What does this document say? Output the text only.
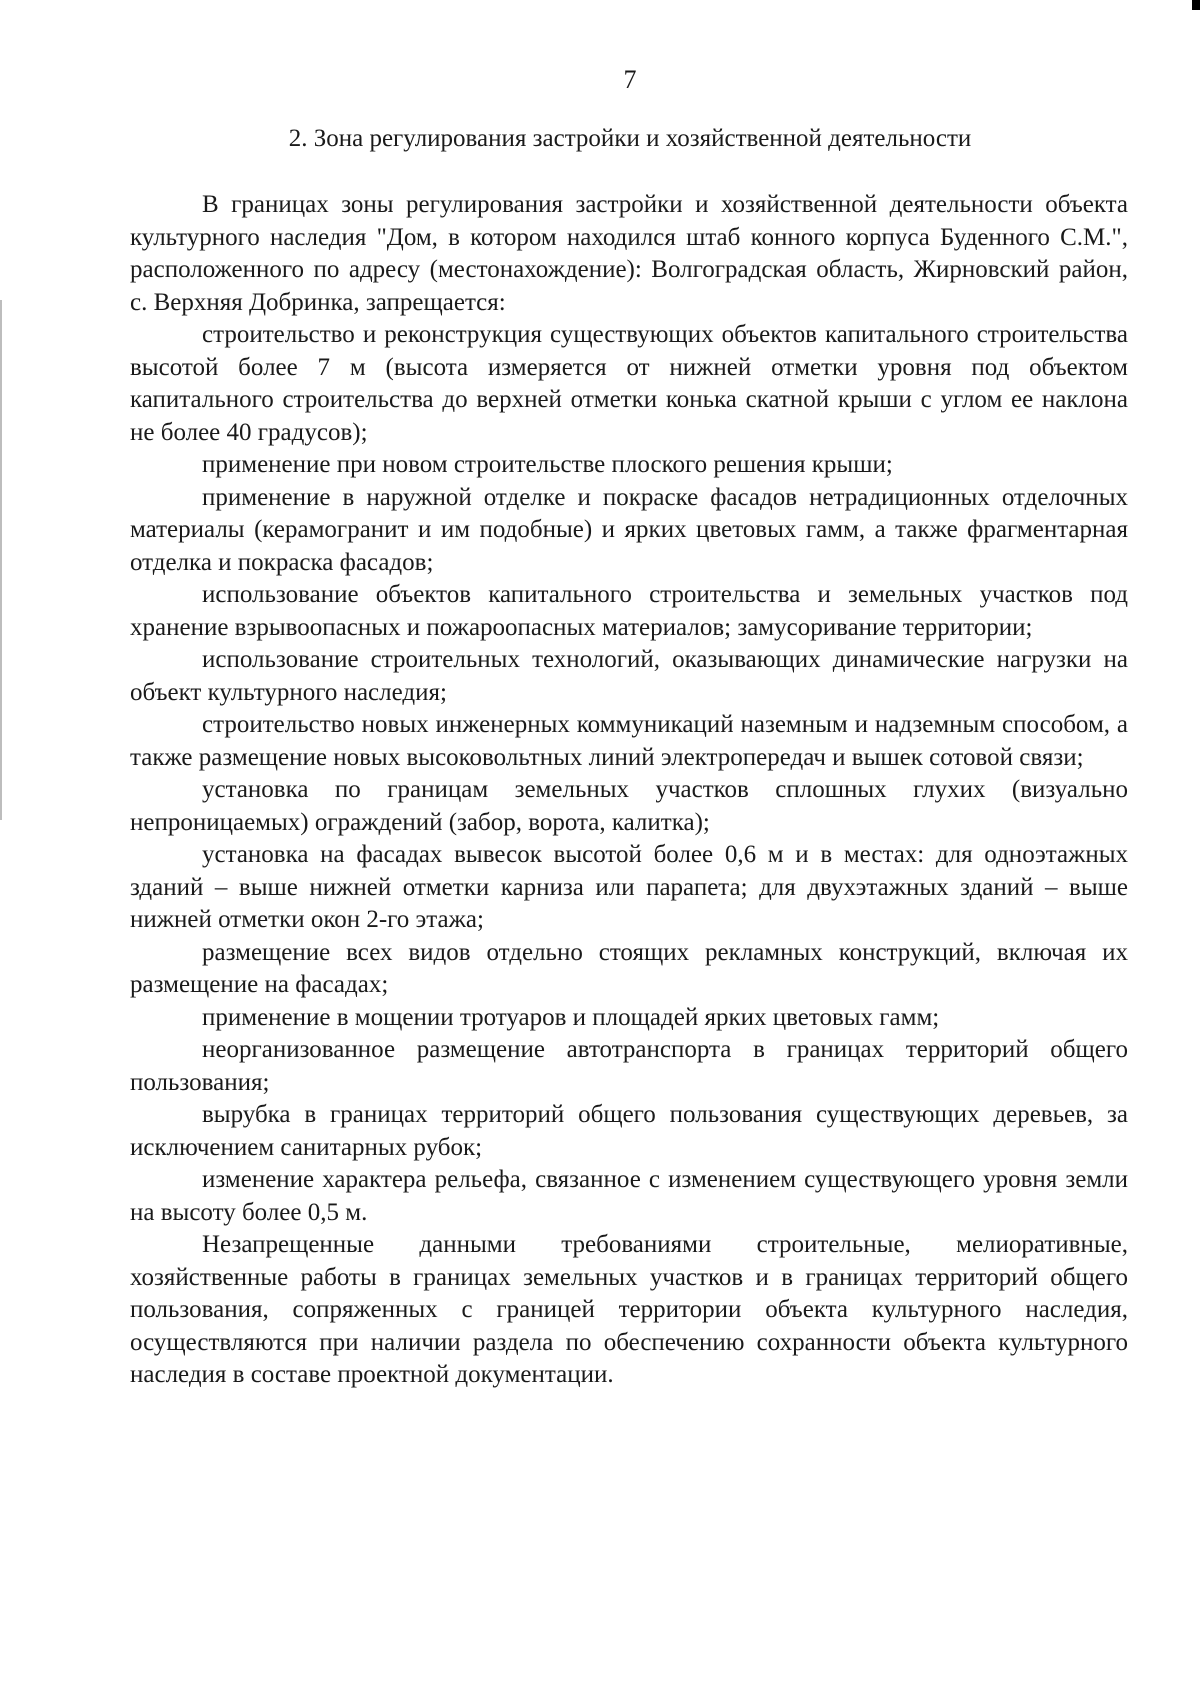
7
2. Зона регулирования застройки и хозяйственной деятельности

В границах зоны регулирования застройки и хозяйственной деятельности объекта культурного наследия "Дом, в котором находился штаб конного корпуса Буденного С.М.", расположенного по адресу (местонахождение): Волгоградская область, Жирновский район, с. Верхняя Добринка, запрещается:

строительство и реконструкция существующих объектов капитального строительства высотой более 7 м (высота измеряется от нижней отметки уровня под объектом капитального строительства до верхней отметки конька скатной крыши с углом ее наклона не более 40 градусов);

применение при новом строительстве плоского решения крыши;

применение в наружной отделке и покраске фасадов нетрадиционных отделочных материалы (керамогранит и им подобные) и ярких цветовых гамм, а также фрагментарная отделка и покраска фасадов;

использование объектов капитального строительства и земельных участков под хранение взрывоопасных и пожароопасных материалов; замусоривание территории;

использование строительных технологий, оказывающих динамические нагрузки на объект культурного наследия;

строительство новых инженерных коммуникаций наземным и надземным способом, а также размещение новых высоковольтных линий электропередач и вышек сотовой связи;

установка по границам земельных участков сплошных глухих (визуально непроницаемых) ограждений (забор, ворота, калитка);

установка на фасадах вывесок высотой более 0,6 м и в местах: для одноэтажных зданий – выше нижней отметки карниза или парапета; для двухэтажных зданий – выше нижней отметки окон 2-го этажа;

размещение всех видов отдельно стоящих рекламных конструкций, включая их размещение на фасадах;

применение в мощении тротуаров и площадей ярких цветовых гамм;

неорганизованное размещение автотранспорта в границах территорий общего пользования;

вырубка в границах территорий общего пользования существующих деревьев, за исключением санитарных рубок;

изменение характера рельефа, связанное с изменением существующего уровня земли на высоту более 0,5 м.

Незапрещенные данными требованиями строительные, мелиоративные, хозяйственные работы в границах земельных участков и в границах территорий общего пользования, сопряженных с границей территории объекта культурного наследия, осуществляются при наличии раздела по обеспечению сохранности объекта культурного наследия в составе проектной документации.
